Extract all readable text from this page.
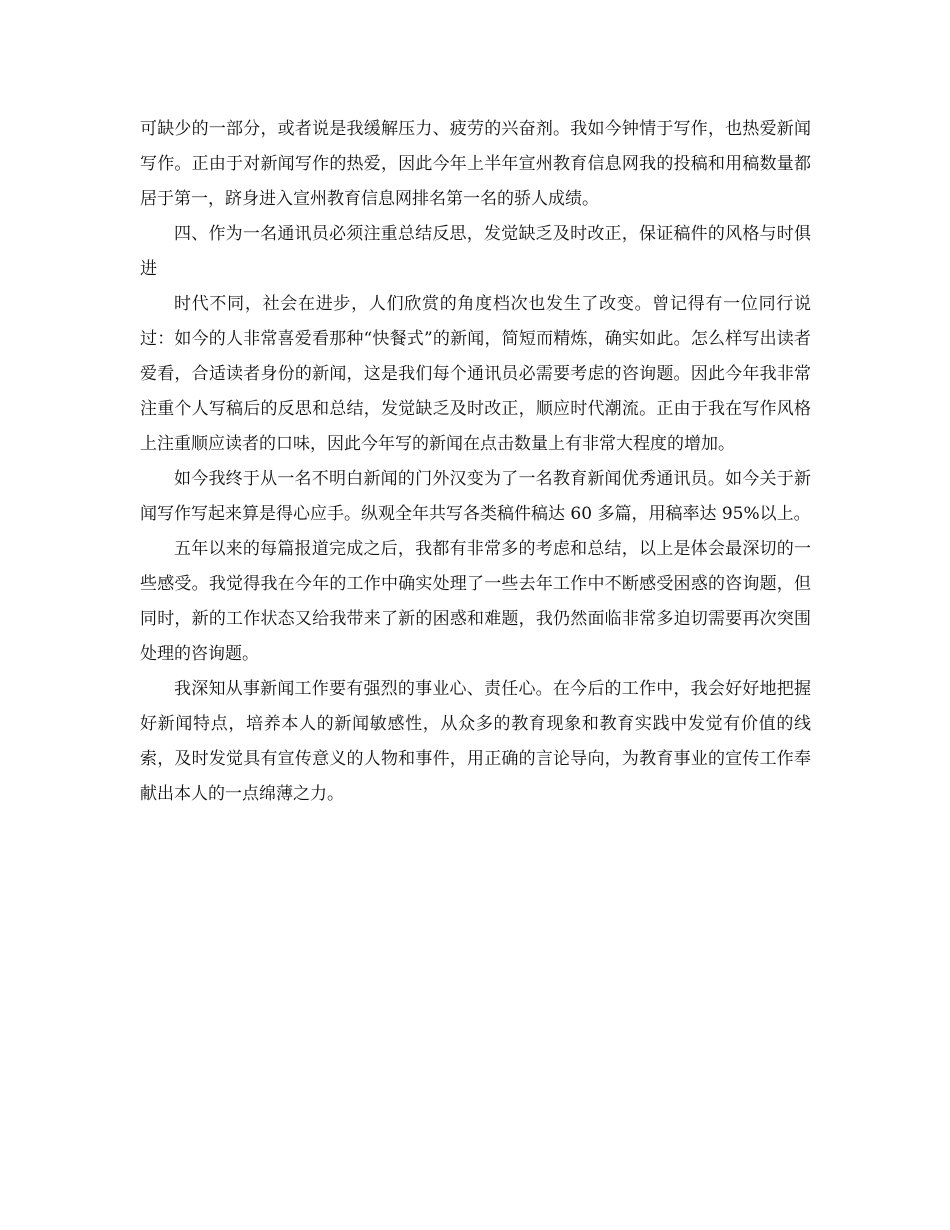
可缺少的一部分，或者说是我缓解压力、疲劳的兴奋剂。我如今钟情于写作，也热爱新闻写作。正由于对新闻写作的热爱，因此今年上半年宣州教育信息网我的投稿和用稿数量都居于第一，跻身进入宣州教育信息网排名第一名的骄人成绩。

四、作为一名通讯员必须注重总结反思，发觉缺乏及时改正，保证稿件的风格与时俱进

时代不同，社会在进步，人们欣赏的角度档次也发生了改变。曾记得有一位同行说过：如今的人非常喜爱看那种“快餐式”的新闻，简短而精炼，确实如此。怎么样写出读者爱看，合适读者身份的新闻，这是我们每个通讯员必需要考虑的咨询题。因此今年我非常注重个人写稿后的反思和总结，发觉缺乏及时改正，顺应时代潮流。正由于我在写作风格上注重顺应读者的口味，因此今年写的新闻在点击数量上有非常大程度的增加。

如今我终于从一名不明白新闻的门外汉变为了一名教育新闻优秀通讯员。如今关于新闻写作写起来算是得心应手。纵观全年共写各类稿件稿达 60 多篇，用稿率达 95%以上。

五年以来的每篇报道完成之后，我都有非常多的考虑和总结，以上是体会最深切的一些感受。我觉得我在今年的工作中确实处理了一些去年工作中不断感受困惑的咨询题，但同时，新的工作状态又给我带来了新的困惑和难题，我仍然面临非常多迫切需要再次突围处理的咨询题。

我深知从事新闻工作要有强烈的事业心、责任心。在今后的工作中，我会好好地把握好新闻特点，培养本人的新闻敏感性，从众多的教育现象和教育实践中发觉有价值的线索，及时发觉具有宣传意义的人物和事件，用正确的言论导向，为教育事业的宣传工作奉献出本人的一点绵薄之力。
